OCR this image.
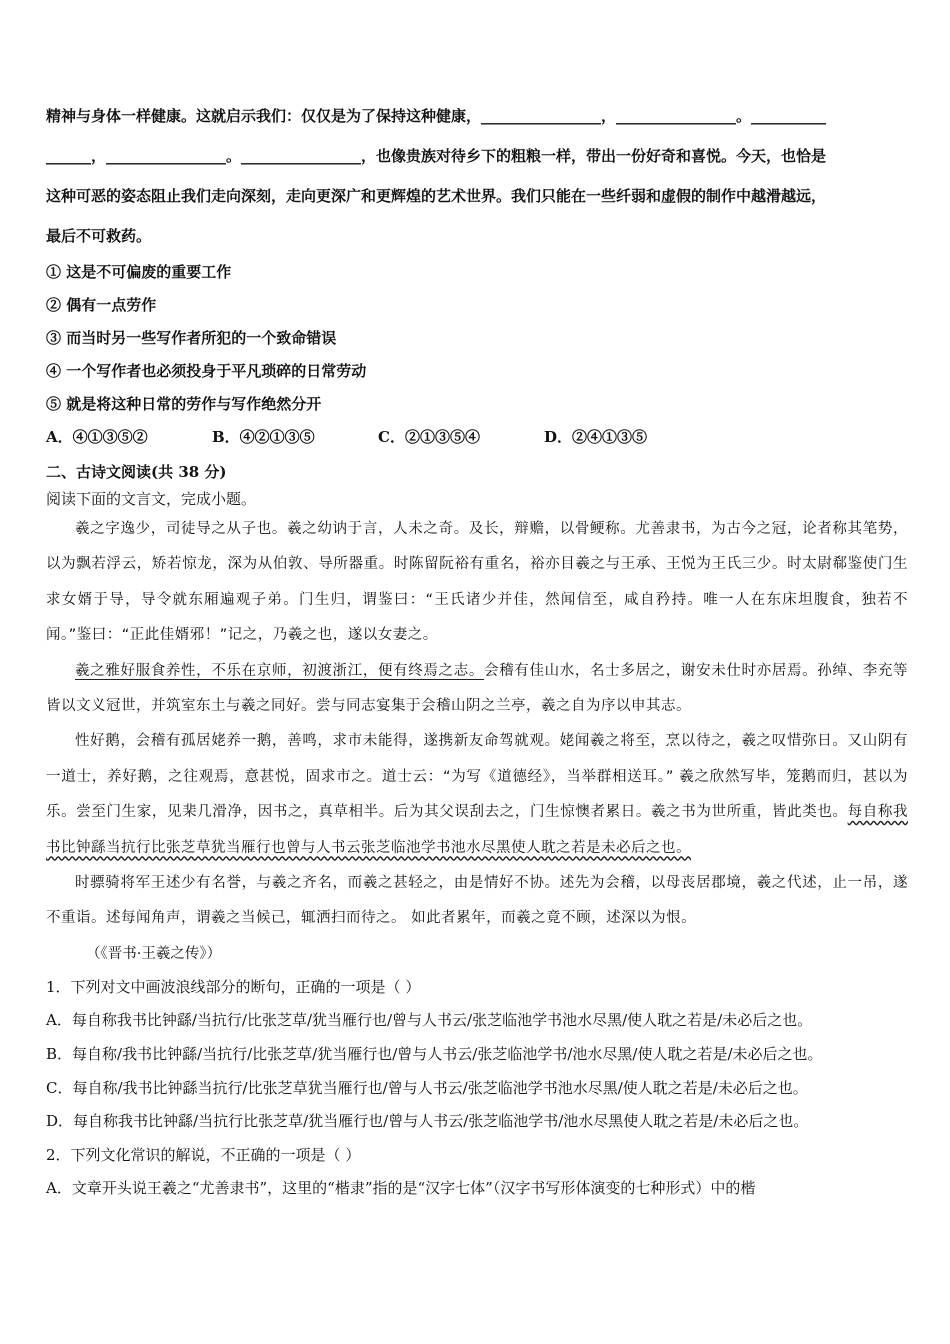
精神与身体一样健康。这就启示我们：仅仅是为了保持这种健康，________________，________________。__________
______，________________。________________，也像贵族对待乡下的粗粮一样，带出一份好奇和喜悦。今天，也恰是
这种可恶的姿态阻止我们走向深刻，走向更深广和更辉煌的艺术世界。我们只能在一些纤弱和虚假的制作中越滑越远，
最后不可救药。

① 这是不可偏废的重要工作

② 偶有一点劳作

③ 而当时另一些写作者所犯的一个致命错误

④ 一个写作者也必须投身于平凡琐碎的日常劳动

⑤ 就是将这种日常的劳作与写作绝然分开

A．④①③⑤②	B．④②①③⑤	C．②①③⑤④	D．②④①③⑤

二、古诗文阅读(共 38 分)

阅读下面的文言文，完成小题。

羲之字逸少，司徒导之从子也。羲之幼讷于言，人未之奇。及长，辩赡，以骨鲠称。尤善隶书，为古今之冠，论者称其笔势，以为飘若浮云，矫若惊龙，深为从伯敦、导所器重。时陈留阮裕有重名，裕亦目羲之与王承、王悦为王氏三少。时太尉郗鉴使门生求女婿于导，导令就东厢遍观子弟。门生归，谓鉴曰：“王氏诸少并佳，然闻信至，咸自矜持。唯一人在东床坦腹食，独若不闻。”鉴曰：“正此佳婿邪！”记之，乃羲之也，遂以女妻之。

羲之雅好服食养性，不乐在京师，初渡浙江，便有终焉之志。会稽有佳山水，名士多居之，谢安未仕时亦居焉。孙绰、李充等皆以文义冠世，并筑室东土与羲之同好。尝与同志宴集于会稽山阴之兰亭，羲之自为序以申其志。

性好鹅，会稽有孤居姥养一鹅，善鸣，求市未能得，遂携新友命驾就观。姥闻羲之将至，烹以待之，羲之叹惜弥日。又山阴有一道士，养好鹅，之往观焉，意甚悦，固求市之。道士云：“为写《道德经》，当举群相送耳。” 羲之欣然写毕，笼鹅而归，甚以为乐。尝至门生家，见棐几滑净，因书之，真草相半。后为其父误刮去之，门生惊懊者累日。羲之书为世所重，皆此类也。每自称我书比钟繇当抗行比张芝草犹当雁行也曾与人书云张芝临池学书池水尽黑使人耽之若是未必后之也。

时骠骑将军王述少有名誉，与羲之齐名，而羲之甚轻之，由是情好不协。述先为会稽，以母丧居郡境，羲之代述，止一吊，遂不重诣。述每闻角声，谓羲之当候己，辄洒扫而待之。 如此者累年，而羲之竟不顾，述深以为恨。

（《晋书·王羲之传》）

1．下列对文中画波浪线部分的断句，正确的一项是（ ）

A．每自称我书比钟繇/当抗行/比张芝草/犹当雁行也/曾与人书云/张芝临池学书池水尽黑/使人耽之若是/未必后之也。

B．每自称/我书比钟繇/当抗行/比张芝草/犹当雁行也/曾与人书云/张芝临池学书/池水尽黑/使人耽之若是/未必后之也。

C．每自称/我书比钟繇当抗行/比张芝草犹当雁行也/曾与人书云/张芝临池学书池水尽黑/使人耽之若是/未必后之也。

D．每自称我书比钟繇/当抗行比张芝草/犹当雁行也/曾与人书云/张芝临池学书/池水尽黑使人耽之若是/未必后之也。

2．下列文化常识的解说，不正确的一项是（ ）

A．文章开头说王羲之“尤善隶书”，这里的“楷隶”指的是“汉字七体”（汉字书写形体演变的七种形式）中的楷
